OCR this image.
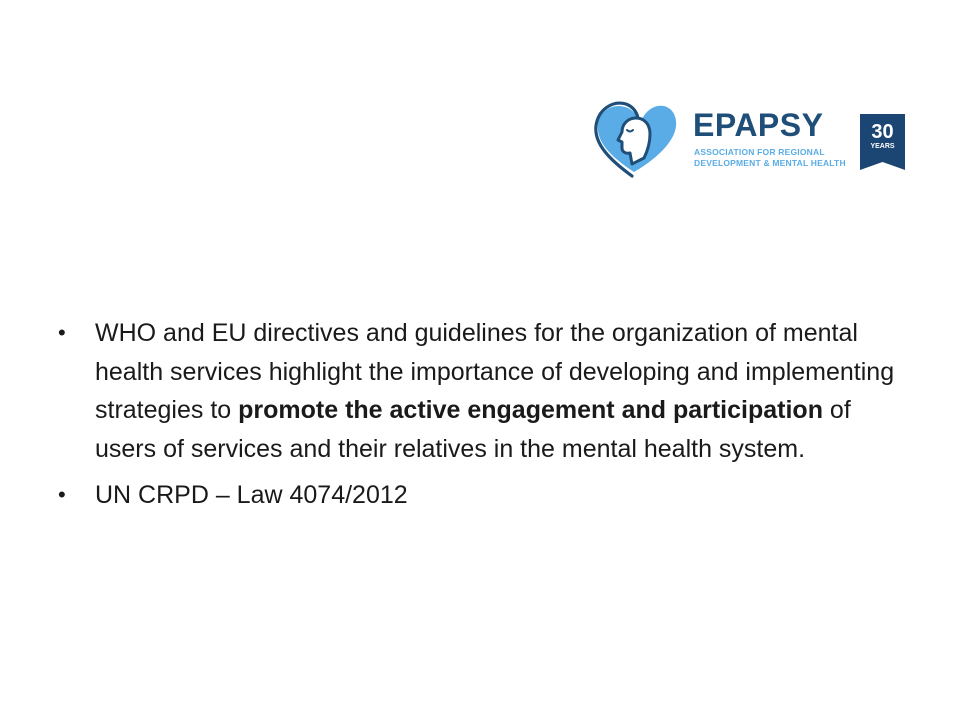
EPAPSY
ASSOCIATION FOR REGIONAL
DEVELOPMENT & MENTAL HEALTH
30
YEARS
•	WHO and EU directives and guidelines for the organization of mental health services highlight the importance of developing and implementing strategies to promote the active engagement and participation of users of services and their relatives in the mental health system.
•	UN CRPD – Law 4074/2012
